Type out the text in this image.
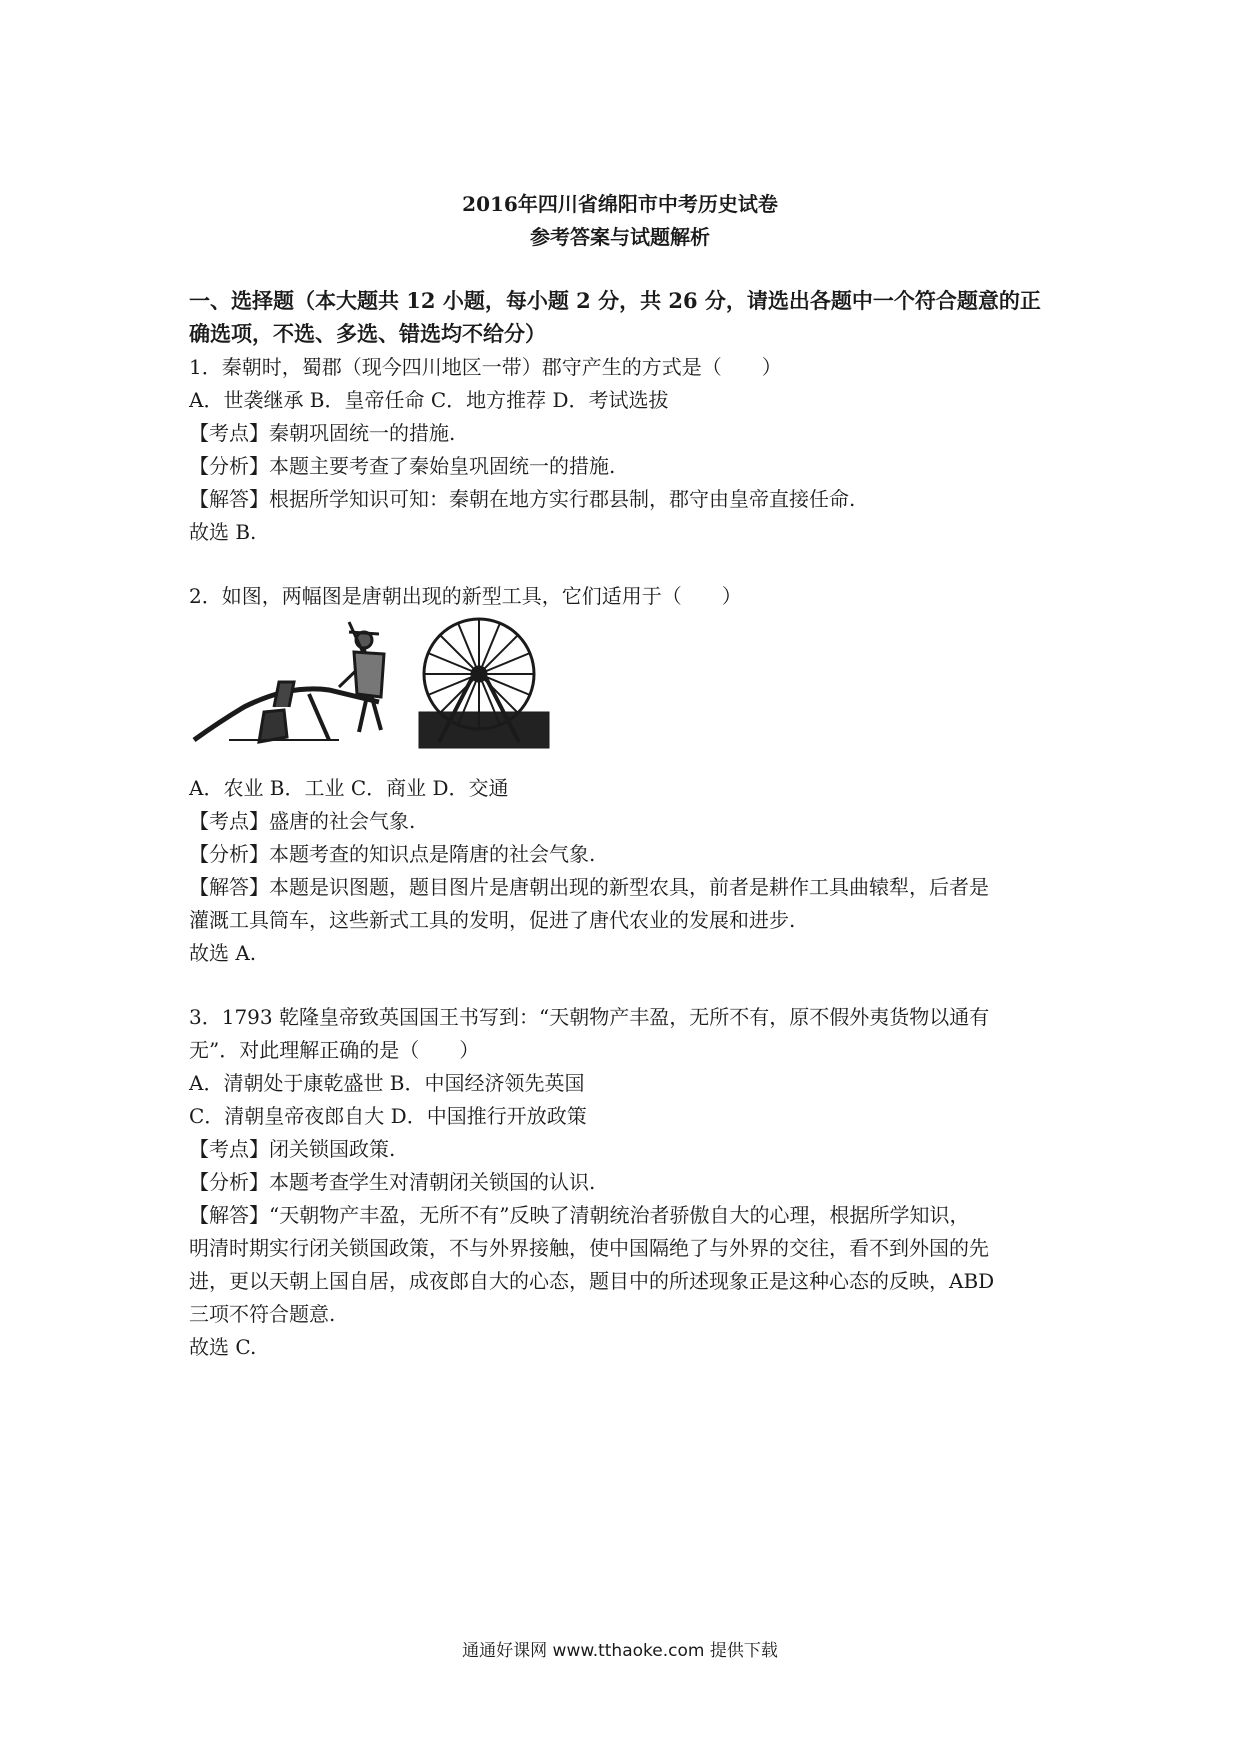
2016年四川省绵阳市中考历史试卷
参考答案与试题解析
一、选择题（本大题共 12 小题，每小题 2 分，共 26 分，请选出各题中一个符合题意的正
确选项，不选、多选、错选均不给分）
1．秦朝时，蜀郡（现今四川地区一带）郡守产生的方式是（　　）
A．世袭继承 B．皇帝任命 C．地方推荐 D．考试选拔
【考点】秦朝巩固统一的措施.
【分析】本题主要考查了秦始皇巩固统一的措施.
【解答】根据所学知识可知：秦朝在地方实行郡县制，郡守由皇帝直接任命.
故选 B.
2．如图，两幅图是唐朝出现的新型工具，它们适用于（　　）
A．农业 B．工业 C．商业 D．交通
【考点】盛唐的社会气象.
【分析】本题考查的知识点是隋唐的社会气象.
【解答】本题是识图题，题目图片是唐朝出现的新型农具，前者是耕作工具曲辕犁，后者是
灌溉工具筒车，这些新式工具的发明，促进了唐代农业的发展和进步.
故选 A.
3．1793 乾隆皇帝致英国国王书写到：“天朝物产丰盈，无所不有，原不假外夷货物以通有
无”．对此理解正确的是（　　）
A．清朝处于康乾盛世 B．中国经济领先英国
C．清朝皇帝夜郎自大 D．中国推行开放政策
【考点】闭关锁国政策.
【分析】本题考查学生对清朝闭关锁国的认识.
【解答】“天朝物产丰盈，无所不有”反映了清朝统治者骄傲自大的心理，根据所学知识，
明清时期实行闭关锁国政策，不与外界接触，使中国隔绝了与外界的交往，看不到外国的先
进，更以天朝上国自居，成夜郎自大的心态，题目中的所述现象正是这种心态的反映，ABD
三项不符合题意.
故选 C.
通通好课网 www.tthaoke.com 提供下载
